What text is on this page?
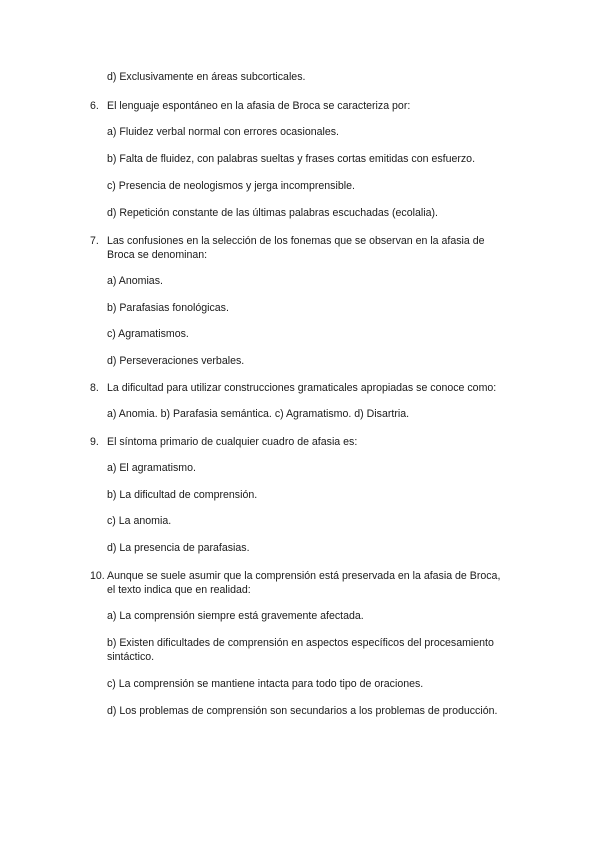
d) Exclusivamente en áreas subcorticales.
6. El lenguaje espontáneo en la afasia de Broca se caracteriza por:
a) Fluidez verbal normal con errores ocasionales.
b) Falta de fluidez, con palabras sueltas y frases cortas emitidas con esfuerzo.
c) Presencia de neologismos y jerga incomprensible.
d) Repetición constante de las últimas palabras escuchadas (ecolalia).
7. Las confusiones en la selección de los fonemas que se observan en la afasia de
Broca se denominan:
a) Anomias.
b) Parafasias fonológicas.
c) Agramatismos.
d) Perseveraciones verbales.
8. La dificultad para utilizar construcciones gramaticales apropiadas se conoce como:
a) Anomia. b) Parafasia semántica. c) Agramatismo. d) Disartria.
9. El síntoma primario de cualquier cuadro de afasia es:
a) El agramatismo.
b) La dificultad de comprensión.
c) La anomia.
d) La presencia de parafasias.
10. Aunque se suele asumir que la comprensión está preservada en la afasia de Broca,
el texto indica que en realidad:
a) La comprensión siempre está gravemente afectada.
b) Existen dificultades de comprensión en aspectos específicos del procesamiento
sintáctico.
c) La comprensión se mantiene intacta para todo tipo de oraciones.
d) Los problemas de comprensión son secundarios a los problemas de producción.
